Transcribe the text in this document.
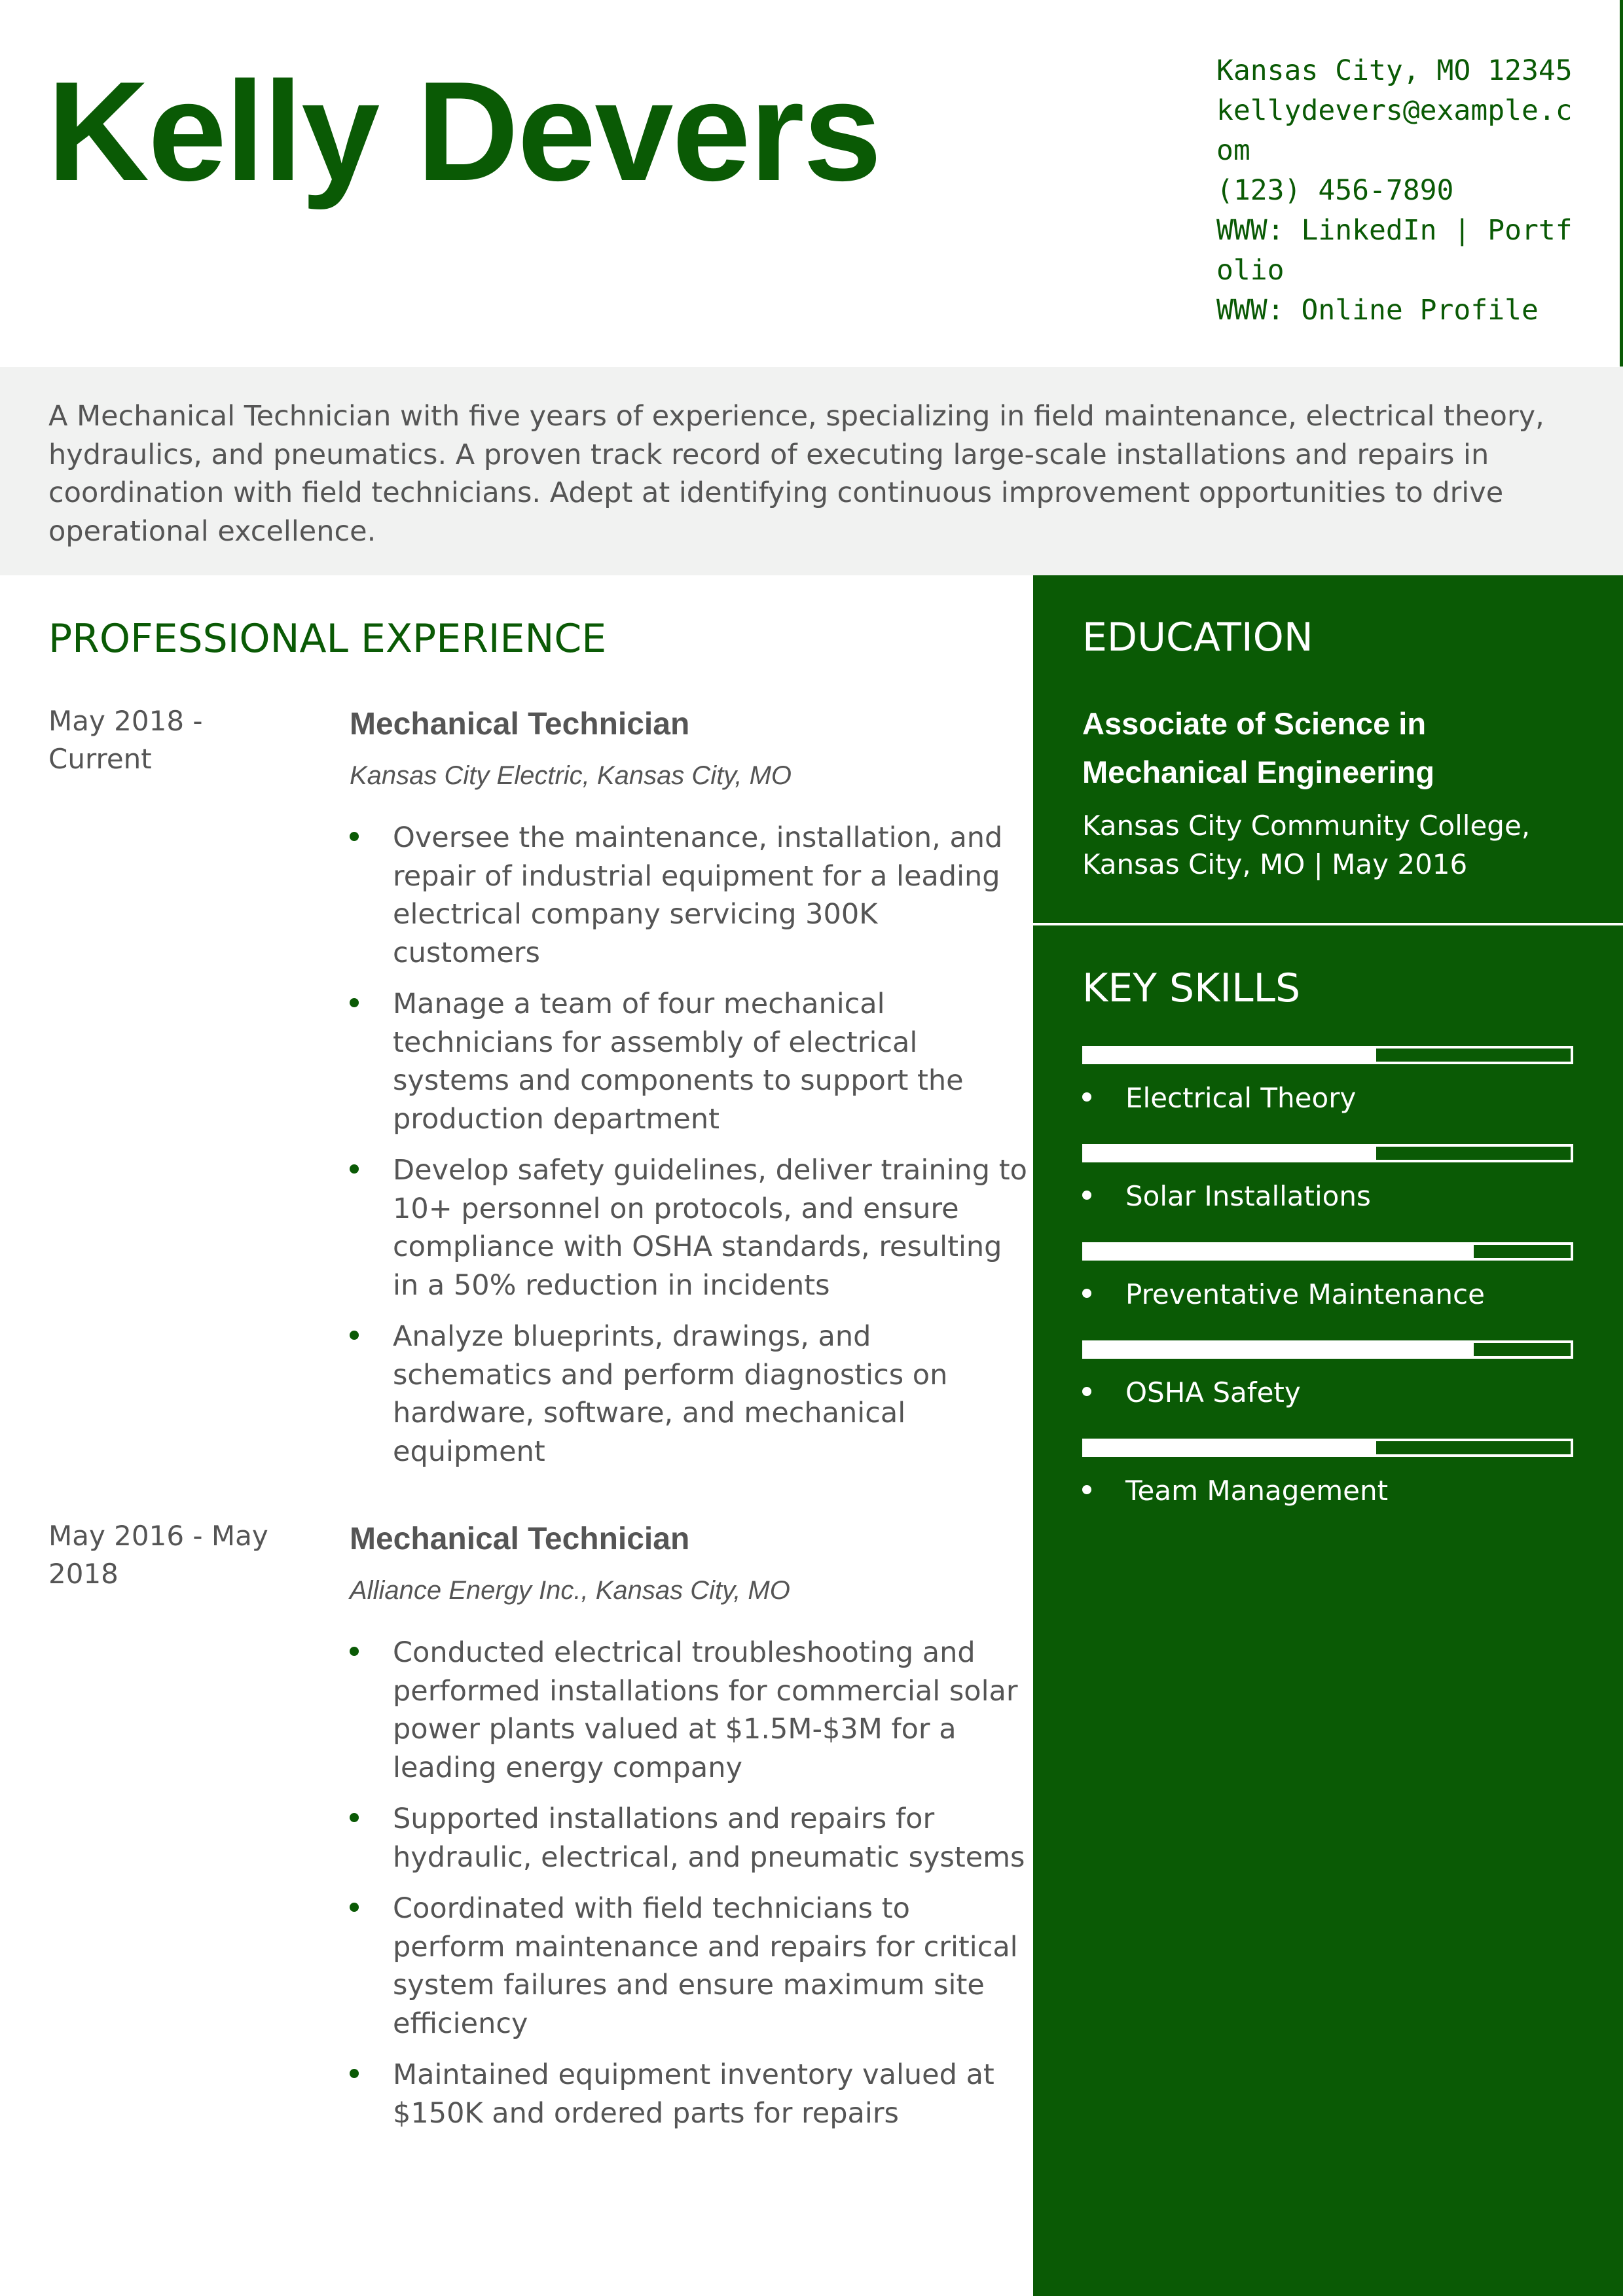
Kelly Devers	Kansas City, MO 12345
kellydevers@example.com
(123) 456-7890
WWW: LinkedIn | Portfolio
WWW: Online Profile

A Mechanical Technician with five years of experience, specializing in field maintenance, electrical theory, hydraulics, and pneumatics. A proven track record of executing large-scale installations and repairs in coordination with field technicians. Adept at identifying continuous improvement opportunities to drive operational excellence.

PROFESSIONAL EXPERIENCE
May 2018 - Current
Mechanical Technician
Kansas City Electric, Kansas City, MO
Oversee the maintenance, installation, and repair of industrial equipment for a leading electrical company servicing 300K customers
Manage a team of four mechanical technicians for assembly of electrical systems and components to support the production department
Develop safety guidelines, deliver training to 10+ personnel on protocols, and ensure compliance with OSHA standards, resulting in a 50% reduction in incidents
Analyze blueprints, drawings, and schematics and perform diagnostics on hardware, software, and mechanical equipment
May 2016 - May 2018
Mechanical Technician
Alliance Energy Inc., Kansas City, MO
Conducted electrical troubleshooting and performed installations for commercial solar power plants valued at $1.5M-$3M for a leading energy company
Supported installations and repairs for hydraulic, electrical, and pneumatic systems
Coordinated with field technicians to perform maintenance and repairs for critical system failures and ensure maximum site efficiency
Maintained equipment inventory valued at $150K and ordered parts for repairs
EDUCATION
Associate of Science in Mechanical Engineering

Kansas City Community College, Kansas City, MO | May 2016

KEY SKILLS
Electrical Theory
Solar Installations
Preventative Maintenance
OSHA Safety
Team Management
